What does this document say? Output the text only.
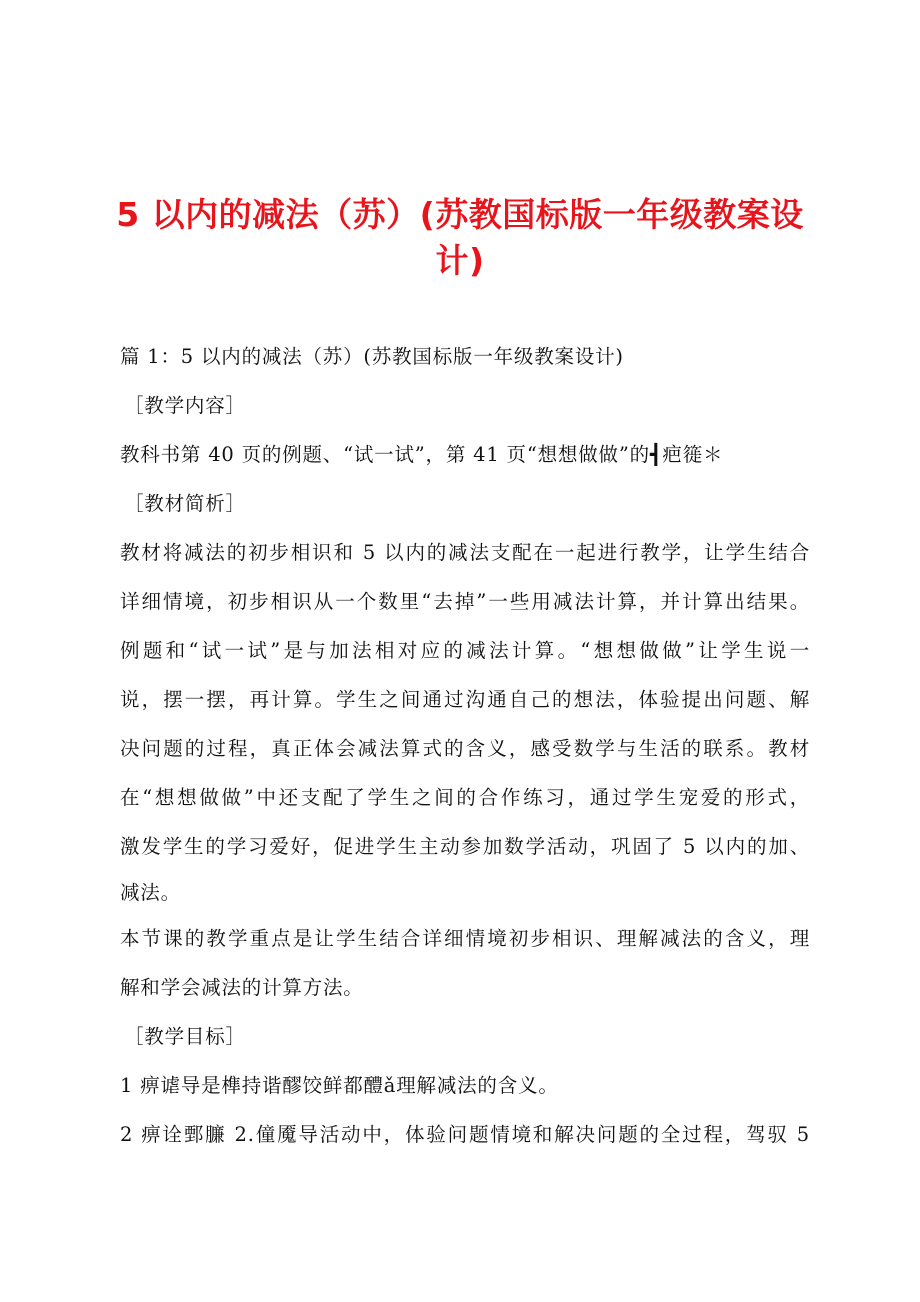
5 以内的减法（苏）(苏教国标版一年级教案设计)
篇 1：5 以内的减法（苏）(苏教国标版一年级教案设计)
［教学内容］
教科书第 40 页的例题、“试一试”，第 41 页“想想做做”的┫疤簁＊
［教材简析］
教材将减法的初步相识和 5 以内的减法支配在一起进行教学，让学生结合
详细情境，初步相识从一个数里“去掉”一些用减法计算，并计算出结果。
例题和“试一试”是与加法相对应的减法计算。“想想做做”让学生说一
说，摆一摆，再计算。学生之间通过沟通自己的想法，体验提出问题、解
决问题的过程，真正体会减法算式的含义，感受数学与生活的联系。教材
在“想想做做”中还支配了学生之间的合作练习，通过学生宠爱的形式，
激发学生的学习爱好，促进学生主动参加数学活动，巩固了 5 以内的加、
减法。
本节课的教学重点是让学生结合详细情境初步相识、理解减法的含义，理
解和学会减法的计算方法。
［教学目标］
1 痹谑导是榫持谐醪饺鲜都醴ǎ理解减法的含义。
2 痹诠鄄臁 2.僮魇导活动中，体验问题情境和解决问题的全过程，驾驭 5
